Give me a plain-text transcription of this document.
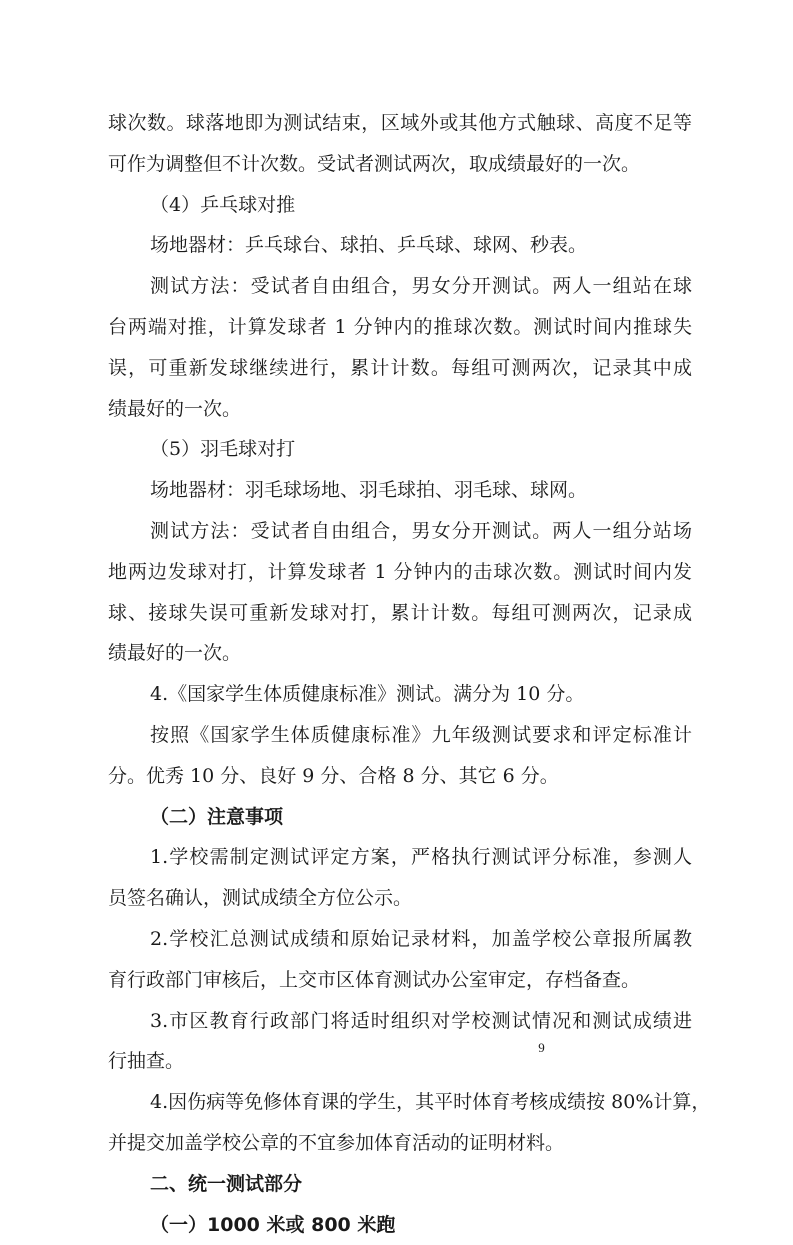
球次数。球落地即为测试结束，区域外或其他方式触球、高度不足等

可作为调整但不计次数。受试者测试两次，取成绩最好的一次。

（4）乒乓球对推

场地器材：乒乓球台、球拍、乒乓球、球网、秒表。

测试方法：受试者自由组合，男女分开测试。两人一组站在球

台两端对推，计算发球者 1 分钟内的推球次数。测试时间内推球失

误，可重新发球继续进行，累计计数。每组可测两次，记录其中成

绩最好的一次。

（5）羽毛球对打

场地器材：羽毛球场地、羽毛球拍、羽毛球、球网。

测试方法：受试者自由组合，男女分开测试。两人一组分站场

地两边发球对打，计算发球者 1 分钟内的击球次数。测试时间内发

球、接球失误可重新发球对打，累计计数。每组可测两次，记录成

绩最好的一次。

4.《国家学生体质健康标准》测试。满分为 10 分。

按照《国家学生体质健康标准》九年级测试要求和评定标准计

分。优秀 10 分、良好 9 分、合格 8 分、其它 6 分。

（二）注意事项

1.学校需制定测试评定方案，严格执行测试评分标准，参测人

员签名确认，测试成绩全方位公示。

2.学校汇总测试成绩和原始记录材料，加盖学校公章报所属教

育行政部门审核后，上交市区体育测试办公室审定，存档备查。

3.市区教育行政部门将适时组织对学校测试情况和测试成绩进

行抽查。

4.因伤病等免修体育课的学生，其平时体育考核成绩按 80%计算，

并提交加盖学校公章的不宜参加体育活动的证明材料。

二、统一测试部分

（一）1000 米或 800 米跑

9
